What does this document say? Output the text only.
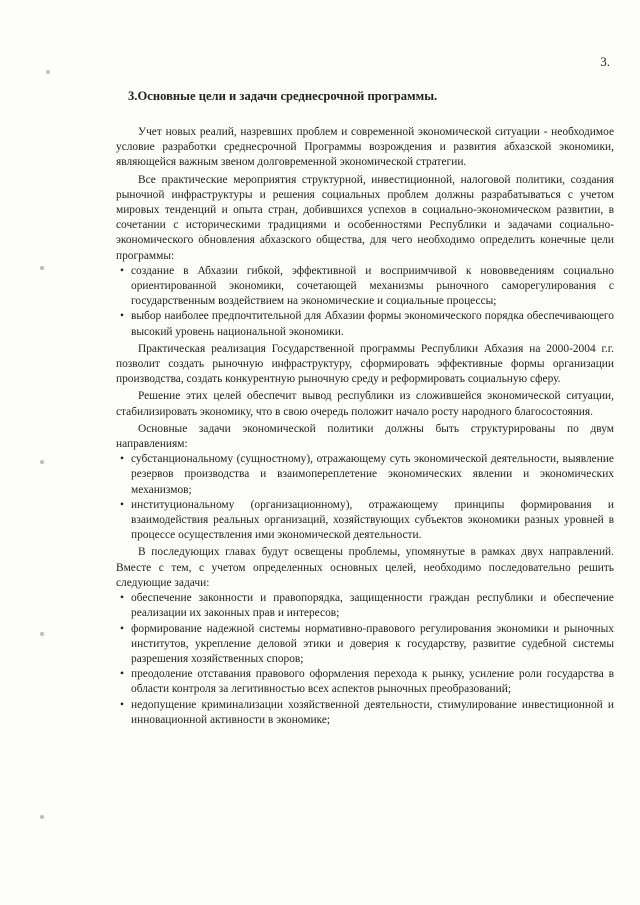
3.
3.Основные цели и задачи среднесрочной программы.

Учет новых реалий, назревших проблем и современной экономической ситуации - необходимое условие разработки среднесрочной Программы возрождения и развития абхазской экономики, являющейся важным звеном долговременной экономической стратегии.

Все практические мероприятия структурной, инвестиционной, налоговой политики, создания рыночной инфраструктуры и решения социальных проблем должны разрабатываться с учетом мировых тенденций и опыта стран, добившихся успехов в социально-экономическом развитии, в сочетании с историческими традициями и особенностями Республики и задачами социально-экономического обновления абхазского общества, для чего необходимо определить конечные цели программы:

• создание в Абхазии гибкой, эффективной и восприимчивой к нововведениям социально ориентированной экономики, сочетающей механизмы рыночного саморегулирования с государственным воздействием на экономические и социальные процессы;

• выбор наиболее предпочтительной для Абхазии формы экономического порядка обеспечивающего высокий уровень национальной экономики.

Практическая реализация Государственной программы Республики Абхазия на 2000-2004 г.г. позволит создать рыночную инфраструктуру, сформировать эффективные формы организации производства, создать конкурентную рыночную среду и реформировать социальную сферу.

Решение этих целей обеспечит вывод республики из сложившейся экономической ситуации, стабилизировать экономику, что в свою очередь положит начало росту народного благосостояния.

Основные задачи экономической политики должны быть структурированы по двум направлениям:

• субстанциональному (сущностному), отражающему суть экономической деятельности, выявление резервов производства и взаимопереплетение экономических явлении и экономических механизмов;

• институциональному (организационному), отражающему принципы формирования и взаимодействия реальных организаций, хозяйствующих субъектов экономики разных уровней в процессе осуществления ими экономической деятельности.

В последующих главах будут освещены проблемы, упомянутые в рамках двух направлений. Вместе с тем, с учетом определенных основных целей, необходимо последовательно решить следующие задачи:

• обеспечение законности и правопорядка, защищенности граждан республики и обеспечение реализации их законных прав и интересов;

• формирование надежной системы нормативно-правового регулирования экономики и рыночных институтов, укрепление деловой этики и доверия к государству, развитие судебной системы разрешения хозяйственных споров;

• преодоление отставания правового оформления перехода к рынку, усиление роли государства в области контроля за легитивностью всех аспектов рыночных преобразований;

• недопущение криминализации хозяйственной деятельности, стимулирование инвестиционной и инновационной активности в экономике;
